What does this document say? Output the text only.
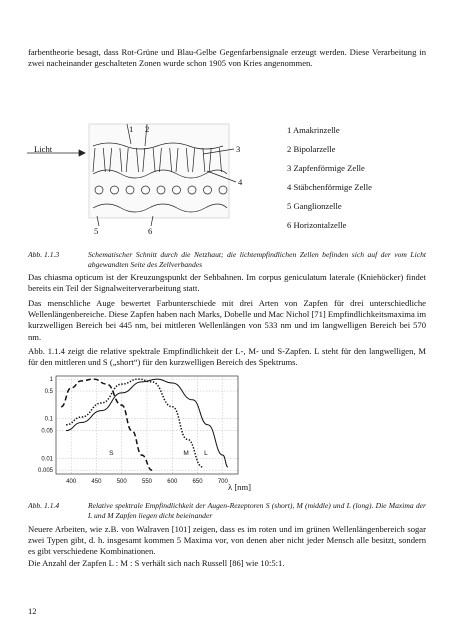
farbentheorie besagt, dass Rot-Grüne und Blau-Gelbe Gegenfarbensignale erzeugt werden. Diese Verarbeitung in zwei nacheinander geschalteten Zonen wurde schon 1905 von Kries angenommen.

Licht
1 2
3
4
5	6
1 Amakrinzelle
2 Bipolarzelle
3 Zapfenförmige Zelle
4 Stäbchenförmige Zelle
5 Ganglionzelle
6 Horizontalzelle
Abb. 1.1.3	Schematischer Schnitt durch die Netzhaut; die lichtempfindlichen Zellen befinden sich auf der vom Licht abgewandten Seite des Zellverbandes

Das chiasma opticum ist der Kreuzungspunkt der Sehbahnen. Im corpus geniculatum laterale (Kniehöcker) findet bereits ein Teil der Signalweiterverarbeitung statt.

Das menschliche Auge bewertet Farbunterschiede mit drei Arten von Zapfen für drei unterschiedliche Wellenlängenbereiche. Diese Zapfen haben nach Marks, Dobelle und Mac Nichol [71] Empfindlichkeitsmaxima im kurzwelligen Bereich bei 445 nm, bei mittleren Wellenlängen von 533 nm und im langwelligen Bereich bei 570 nm.

Abb. 1.1.4 zeigt die relative spektrale Empfindlichkeit der L-, M- und S-Zapfen. L steht für den langwelligen, M für den mittleren und S („short“) für den kurzwelligen Bereich des Spektrums.

1
0.5
0.1
0.05
0.01
0.005
400	450	500	550	600	650	700
S	M L
λ [nm]
Abb. 1.1.4	Relative spektrale Empfindlichkeit der Augen-Rezeptoren S (short), M (middle) und L (long). Die Maxima der L und M Zapfen liegen dicht beieinander

Neuere Arbeiten, wie z.B. von Walraven [101] zeigen, dass es im roten und im grünen Wellenlängenbereich sogar zwei Typen gibt, d. h. insgesamt kommen 5 Maxima vor, von denen aber nicht jeder Mensch alle besitzt, sondern es gibt verschiedene Kombinationen.

Die Anzahl der Zapfen L : M : S verhält sich nach Russell [86] wie 10:5:1.

12
